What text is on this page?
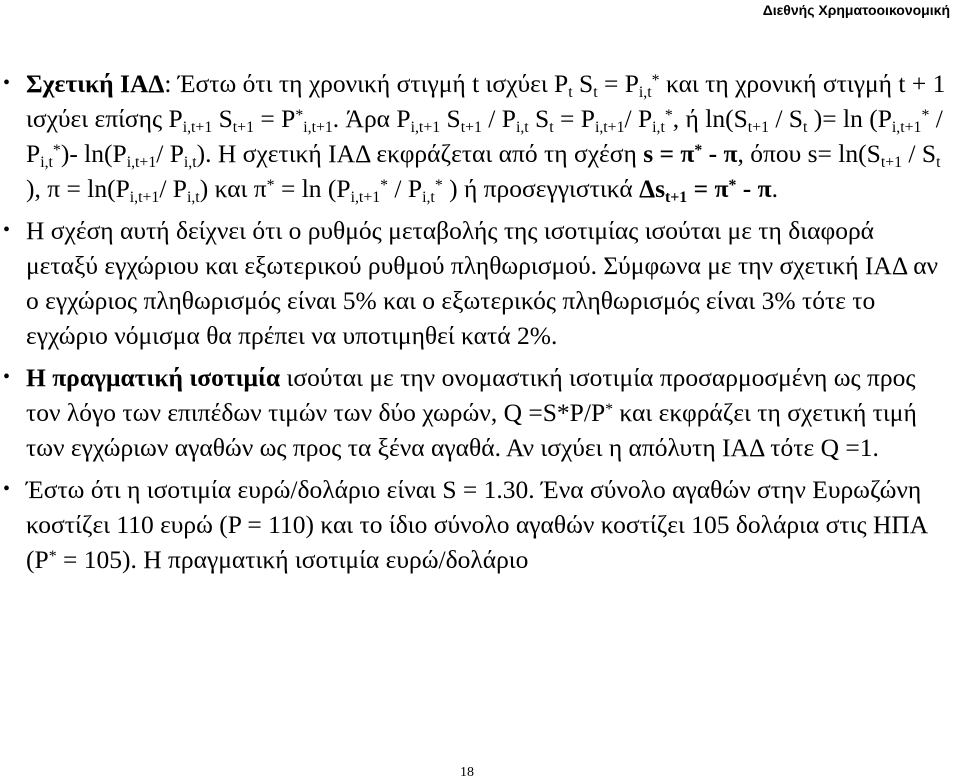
Διεθνής Χρηματοοικονομική
• Σχετική ΙΑΔ: Έστω ότι τη χρονική στιγμή t ισχύει $P_t$ $S_t = P_{i,t}^*$ και τη χρονική στιγμή t + 1 ισχύει επίσης $P_{i,t+1}$ $S_{t+1} = P^*_{i,t+1}$. Άρα $P_{i,t+1}$ $S_{t+1} / P_{i,t}$ $S_t = P_{i,t+1}/$ $P_{i,t}^*$, ή $\ln(S_{t+1} / S_t$ )= $\ln (P_{i,t+1}^* / P_{i,t}^*)-$ $\ln(P_{i,t+1}/$ $P_{i,t}$). Η σχετική ΙΑΔ εκφράζεται από τη σχέση s = π* - π, όπου $s= \ln(S_{t+1} / S_t$ ), $\pi = \ln(P_{i,t+1}/$ $P_{i,t}$) και $\pi^* = \ln (P_{i,t+1}^* / P_{i,t}^*$ ) ή προσεγγιστικά $\Delta s_{t+1} = \pi^* - \pi$.
• Η σχέση αυτή δείχνει ότι ο ρυθμός μεταβολής της ισοτιμίας ισούται με τη διαφορά μεταξύ εγχώριου και εξωτερικού ρυθμού πληθωρισμού. Σύμφωνα με την σχετική ΙΑΔ αν ο εγχώριος πληθωρισμός είναι 5% και ο εξωτερικός πληθωρισμός είναι 3% τότε το εγχώριο νόμισμα θα πρέπει να υποτιμηθεί κατά 2%.
• Η πραγματική ισοτιμία ισούται με την ονομαστική ισοτιμία προσαρμοσμένη ως προς τον λόγο των επιπέδων τιμών των δύο χωρών, Q =S*P/P* και εκφράζει τη σχετική τιμή των εγχώριων αγαθών ως προς τα ξένα αγαθά. Αν ισχύει η απόλυτη ΙΑΔ τότε Q =1.
• Έστω ότι η ισοτιμία ευρώ/δολάριο είναι S = 1.30. Ένα σύνολο αγαθών στην Ευρωζώνη κοστίζει 110 ευρώ (P = 110) και το ίδιο σύνολο αγαθών κοστίζει 105 δολάρια στις ΗΠΑ (P* = 105). Η πραγματική ισοτιμία ευρώ/δολάριο
18
